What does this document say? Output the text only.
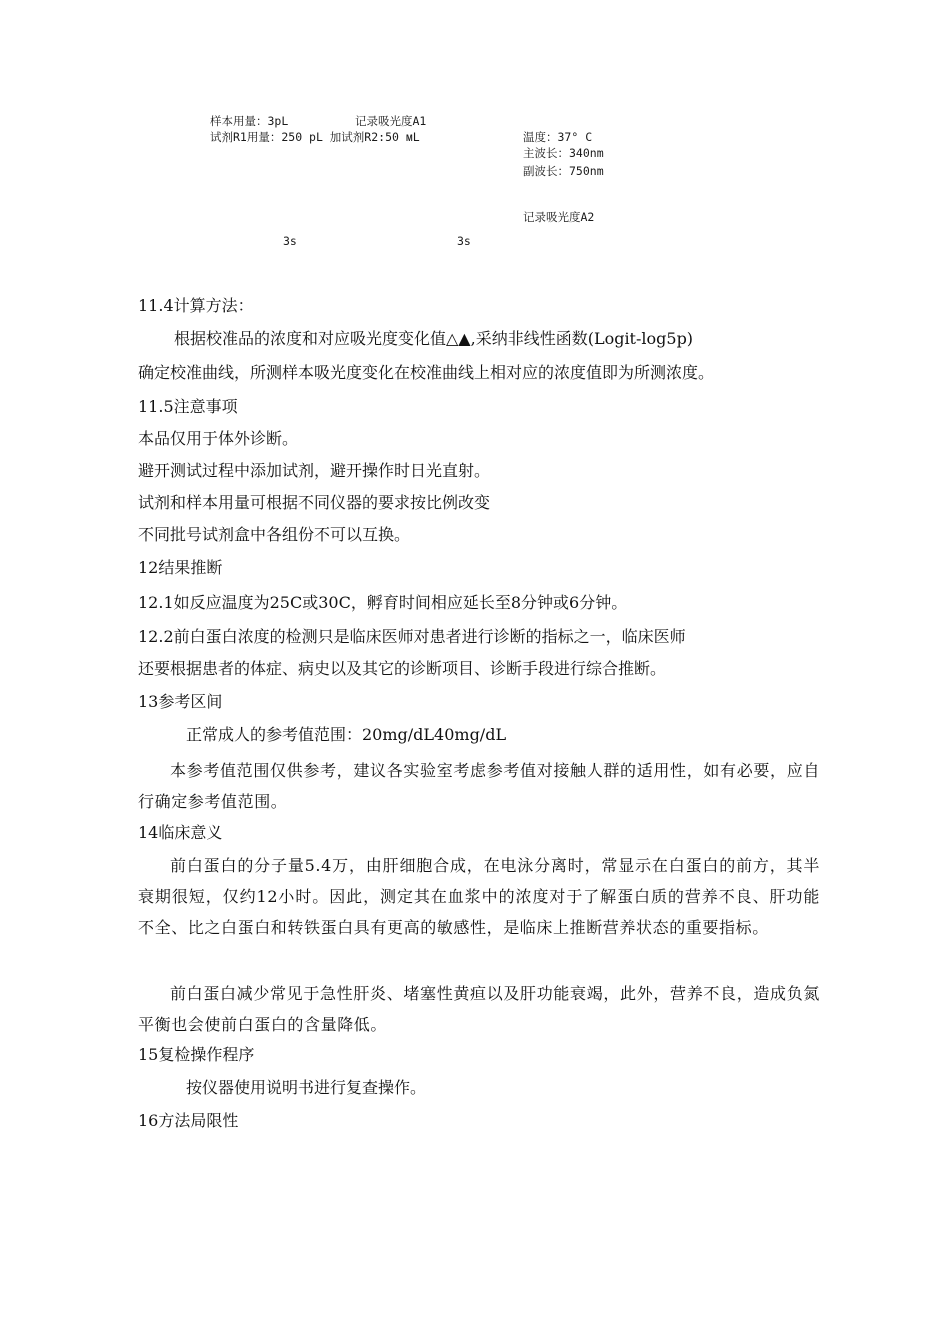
样本用量：3pL	记录吸光度A1
试剂R1用量：250 pL 加试剂R2:50 ᴍL	温度：37° C
主波长：340nm
副波长：750nm
记录吸光度A2
3s	3s
11.4计算方法：
根据校准品的浓度和对应吸光度变化值△▲,采纳非线性函数(Logit-log5p)
确定校准曲线，所测样本吸光度变化在校准曲线上相对应的浓度值即为所测浓度。
11.5注意事项
本品仅用于体外诊断。
避开测试过程中添加试剂，避开操作时日光直射。
试剂和样本用量可根据不同仪器的要求按比例改变
不同批号试剂盒中各组份不可以互换。
12结果推断
12.1如反应温度为25C或30C，孵育时间相应延长至8分钟或6分钟。
12.2前白蛋白浓度的检测只是临床医师对患者进行诊断的指标之一，临床医师
还要根据患者的体症、病史以及其它的诊断项目、诊断手段进行综合推断。
13参考区间
正常成人的参考值范围：20mg/dL40mg/dL
本参考值范围仅供参考，建议各实验室考虑参考值对接触人群的适用性，如有必要，应自行确定参考值范围。
14临床意义
前白蛋白的分子量5.4万，由肝细胞合成，在电泳分离时，常显示在白蛋白的前方，其半衰期很短，仅约12小时。因此，测定其在血浆中的浓度对于了解蛋白质的营养不良、肝功能不全、比之白蛋白和转铁蛋白具有更高的敏感性，是临床上推断营养状态的重要指标。
前白蛋白减少常见于急性肝炎、堵塞性黄疸以及肝功能衰竭，此外，营养不良，造成负氮平衡也会使前白蛋白的含量降低。
15复检操作程序
按仪器使用说明书进行复查操作。
16方法局限性
